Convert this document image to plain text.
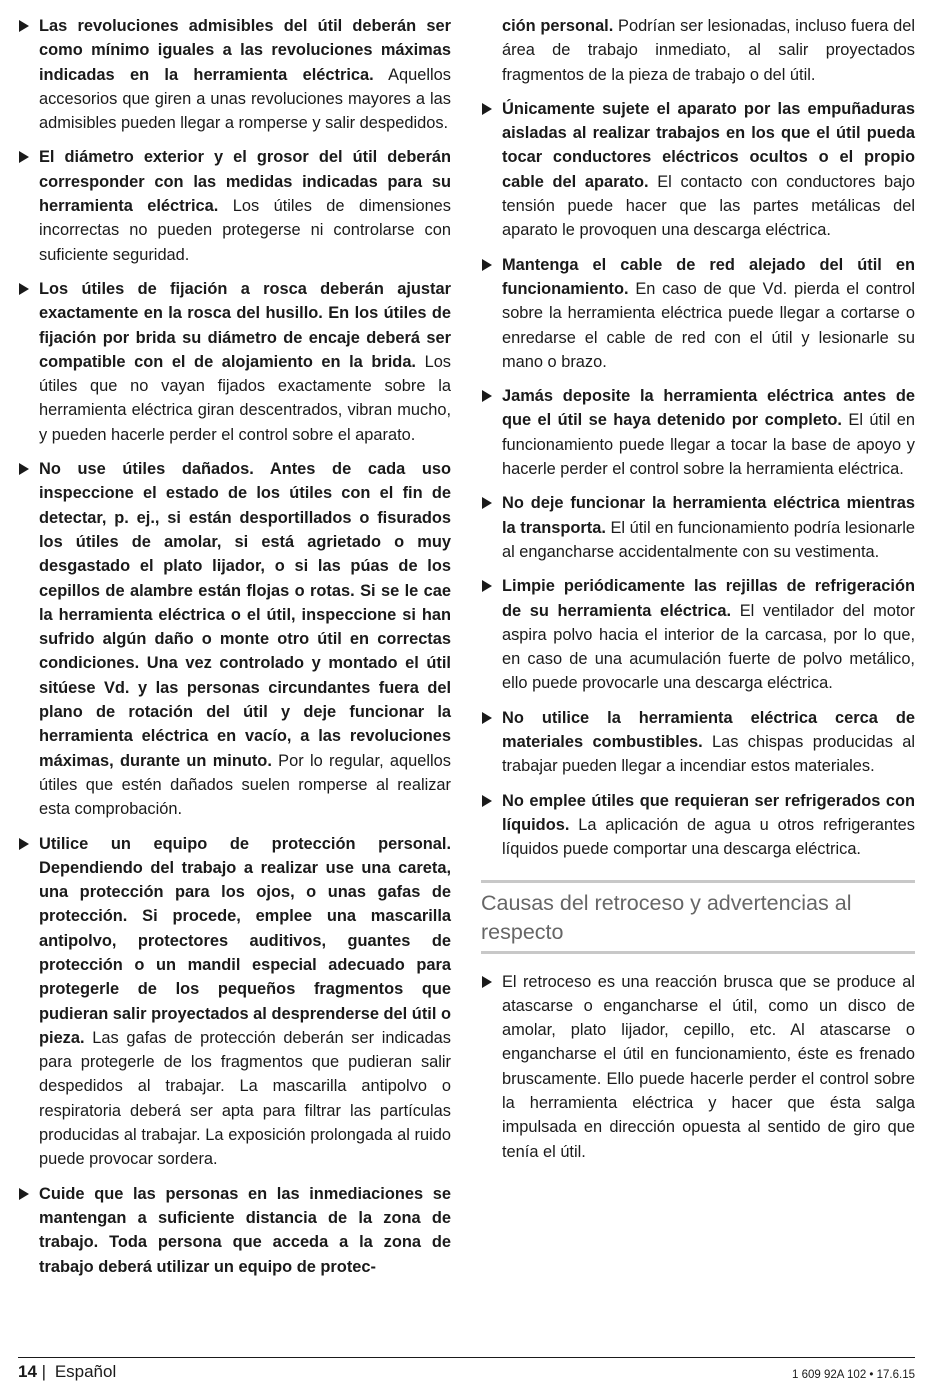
Las revoluciones admisibles del útil deberán ser como mínimo iguales a las revoluciones máximas indicadas en la herramienta eléctrica. Aquellos accesorios que giren a unas revoluciones mayores a las admisibles pueden llegar a romperse y salir despedidos.
El diámetro exterior y el grosor del útil deberán corresponder con las medidas indicadas para su herramienta eléctrica. Los útiles de dimensiones incorrectas no pueden protegerse ni controlarse con suficiente seguridad.
Los útiles de fijación a rosca deberán ajustar exactamente en la rosca del husillo. En los útiles de fijación por brida su diámetro de encaje deberá ser compatible con el de alojamiento en la brida. Los útiles que no vayan fijados exactamente sobre la herramienta eléctrica giran descentrados, vibran mucho, y pueden hacerle perder el control sobre el aparato.
No use útiles dañados. Antes de cada uso inspeccione el estado de los útiles con el fin de detectar, p. ej., si están desportillados o fisurados los útiles de amolar, si está agrietado o muy desgastado el plato lijador, o si las púas de los cepillos de alambre están flojas o rotas. Si se le cae la herramienta eléctrica o el útil, inspeccione si han sufrido algún daño o monte otro útil en correctas condiciones. Una vez controlado y montado el útil sitúese Vd. y las personas circundantes fuera del plano de rotación del útil y deje funcionar la herramienta eléctrica en vacío, a las revoluciones máximas, durante un minuto. Por lo regular, aquellos útiles que estén dañados suelen romperse al realizar esta comprobación.
Utilice un equipo de protección personal. Dependiendo del trabajo a realizar use una careta, una protección para los ojos, o unas gafas de protección. Si procede, emplee una mascarilla antipolvo, protectores auditivos, guantes de protección o un mandil especial adecuado para protegerle de los pequeños fragmentos que pudieran salir proyectados al desprenderse del útil o pieza. Las gafas de protección deberán ser indicadas para protegerle de los fragmentos que pudieran salir despedidos al trabajar. La mascarilla antipolvo o respiratoria deberá ser apta para filtrar las partículas producidas al trabajar. La exposición prolongada al ruido puede provocar sordera.
Cuide que las personas en las inmediaciones se mantengan a suficiente distancia de la zona de trabajo. Toda persona que acceda a la zona de trabajo deberá utilizar un equipo de protec-
ción personal. Podrían ser lesionadas, incluso fuera del área de trabajo inmediato, al salir proyectados fragmentos de la pieza de trabajo o del útil.
Únicamente sujete el aparato por las empuñaduras aisladas al realizar trabajos en los que el útil pueda tocar conductores eléctricos ocultos o el propio cable del aparato. El contacto con conductores bajo tensión puede hacer que las partes metálicas del aparato le provoquen una descarga eléctrica.
Mantenga el cable de red alejado del útil en funcionamiento. En caso de que Vd. pierda el control sobre la herramienta eléctrica puede llegar a cortarse o enredarse el cable de red con el útil y lesionarle su mano o brazo.
Jamás deposite la herramienta eléctrica antes de que el útil se haya detenido por completo. El útil en funcionamiento puede llegar a tocar la base de apoyo y hacerle perder el control sobre la herramienta eléctrica.
No deje funcionar la herramienta eléctrica mientras la transporta. El útil en funcionamiento podría lesionarle al engancharse accidentalmente con su vestimenta.
Limpie periódicamente las rejillas de refrigeración de su herramienta eléctrica. El ventilador del motor aspira polvo hacia el interior de la carcasa, por lo que, en caso de una acumulación fuerte de polvo metálico, ello puede provocarle una descarga eléctrica.
No utilice la herramienta eléctrica cerca de materiales combustibles. Las chispas producidas al trabajar pueden llegar a incendiar estos materiales.
No emplee útiles que requieran ser refrigerados con líquidos. La aplicación de agua u otros refrigerantes líquidos puede comportar una descarga eléctrica.
Causas del retroceso y advertencias al respecto
El retroceso es una reacción brusca que se produce al atascarse o engancharse el útil, como un disco de amolar, plato lijador, cepillo, etc. Al atascarse o engancharse el útil en funcionamiento, éste es frenado bruscamente. Ello puede hacerle perder el control sobre la herramienta eléctrica y hacer que ésta salga impulsada en dirección opuesta al sentido de giro que tenía el útil.
14 | Español	1 609 92A 102 • 17.6.15
